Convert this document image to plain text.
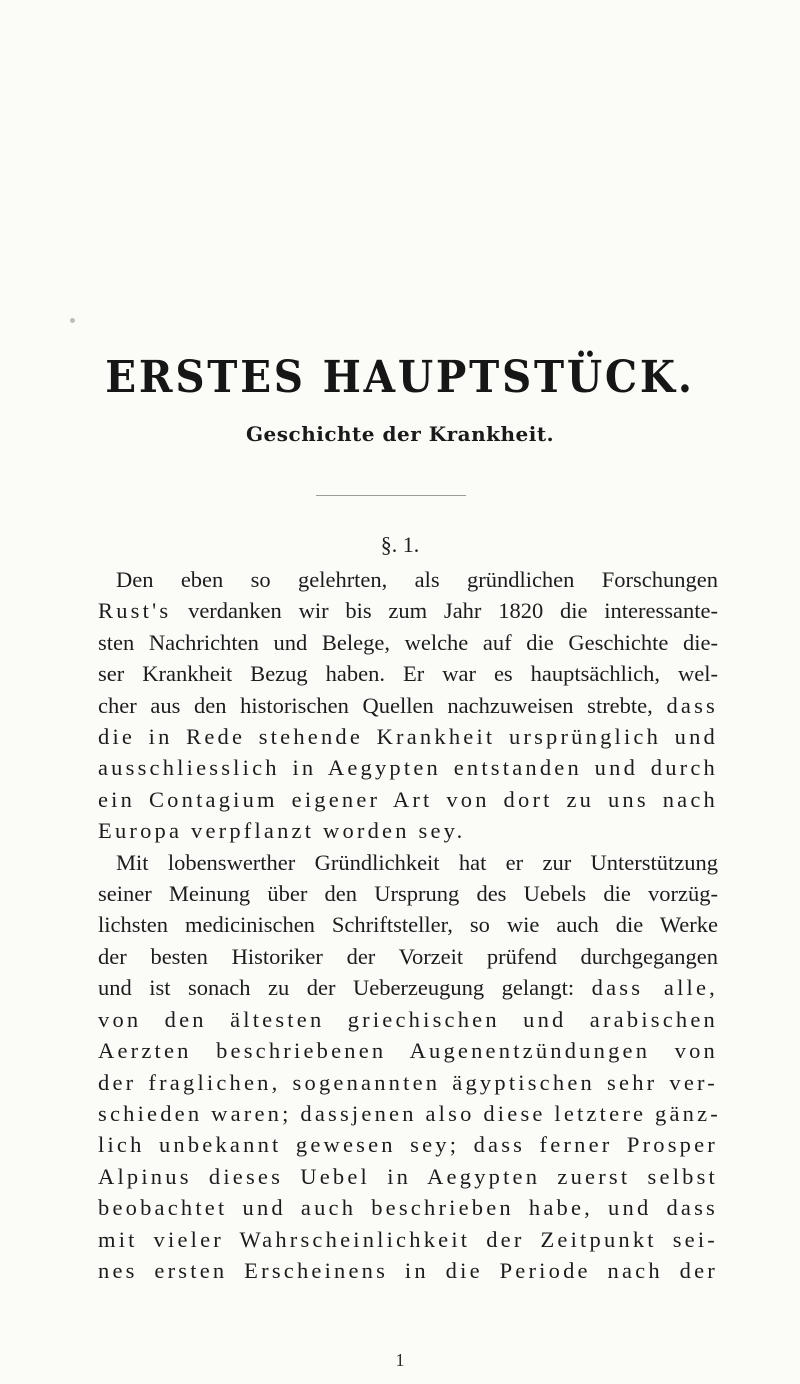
ERSTES HAUPTSTÜCK.
Geschichte der Krankheit.
§. 1.
Den eben so gelehrten, als gründlichen Forschungen
Rust's verdanken wir bis zum Jahr 1820 die interessante-
sten Nachrichten und Belege, welche auf die Geschichte die-
ser Krankheit Bezug haben. Er war es hauptsächlich, wel-
cher aus den historischen Quellen nachzuweisen strebte, dass
die in Rede stehende Krankheit ursprünglich und
ausschliesslich in Aegypten entstanden und durch
ein Contagium eigener Art von dort zu uns nach
Europa verpflanzt worden sey.
Mit lobenswerther Gründlichkeit hat er zur Unterstützung
seiner Meinung über den Ursprung des Uebels die vorzüg-
lichsten medicinischen Schriftsteller, so wie auch die Werke
der besten Historiker der Vorzeit prüfend durchgegangen
und ist sonach zu der Ueberzeugung gelangt: dass alle,
von den ältesten griechischen und arabischen
Aerzten beschriebenen Augenentzündungen von
der fraglichen, sogenannten ägyptischen sehr ver-
schieden waren; dassjenen also diese letztere gänz-
lich unbekannt gewesen sey; dass ferner Prosper
Alpinus dieses Uebel in Aegypten zuerst selbst
beobachtet und auch beschrieben habe, und dass
mit vieler Wahrscheinlichkeit der Zeitpunkt sei-
nes ersten Erscheinens in die Periode nach der
1
